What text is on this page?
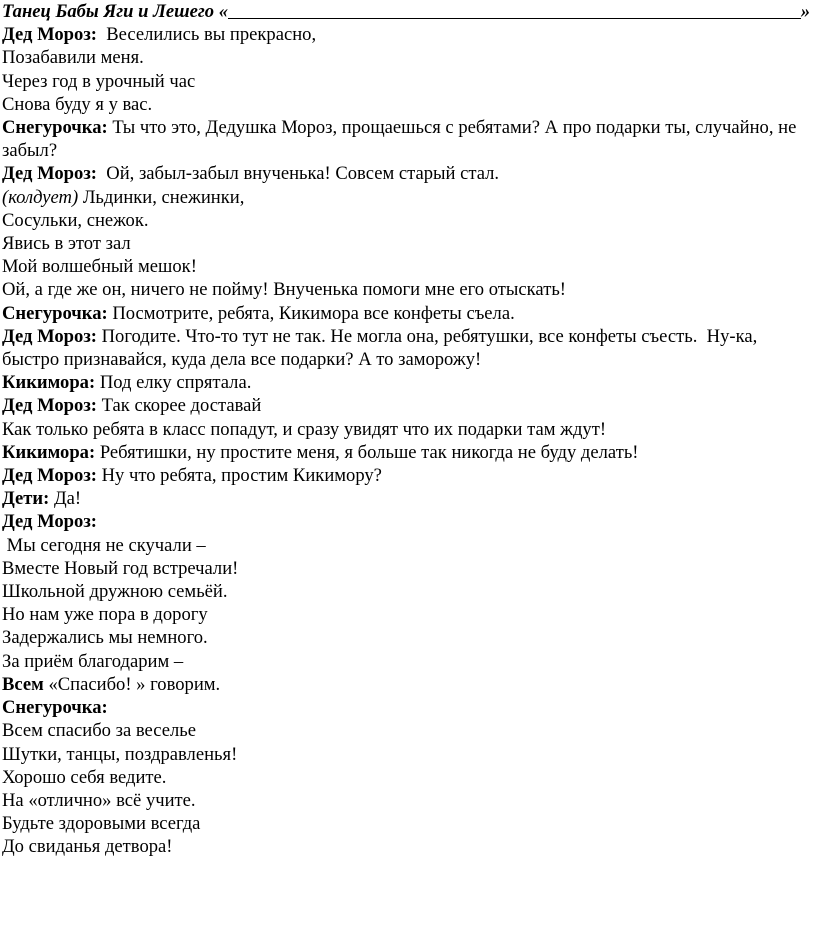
Танец Бабы Яги и Лешего «	»
Дед Мороз:  Веселились вы прекрасно,
Позабавили меня.
Через год в урочный час
Снова буду я у вас.
Снегурочка: Ты что это, Дедушка Мороз, прощаешься с ребятами? А про подарки ты, случайно, не забыл?
Дед Мороз:  Ой, забыл-забыл внученька! Совсем старый стал.
(колдует) Льдинки, снежинки,
Сосульки, снежок.
Явись в этот зал
Мой волшебный мешок!
Ой, а где же он, ничего не пойму! Внученька помоги мне его отыскать!
Снегурочка: Посмотрите, ребята, Кикимора все конфеты съела.
Дед Мороз: Погодите. Что-то тут не так. Не могла она, ребятушки, все конфеты съесть.  Ну-ка, быстро признавайся, куда дела все подарки? А то заморожу!
Кикимора: Под елку спрятала.
Дед Мороз: Так скорее доставай
Как только ребята в класс попадут, и сразу увидят что их подарки там ждут!
Кикимора: Ребятишки, ну простите меня, я больше так никогда не буду делать!
Дед Мороз: Ну что ребята, простим Кикимору?
Дети: Да!
Дед Мороз:
Мы сегодня не скучали –
Вместе Новый год встречали!
Школьной дружною семьёй.
Но нам уже пора в дорогу
Задержались мы немного.
За приём благодарим –
Всем «Спасибо! » говорим.
Снегурочка:
Всем спасибо за веселье
Шутки, танцы, поздравленья!
Хорошо себя ведите.
На «отлично» всё учите.
Будьте здоровыми всегда
До свиданья детвора!
